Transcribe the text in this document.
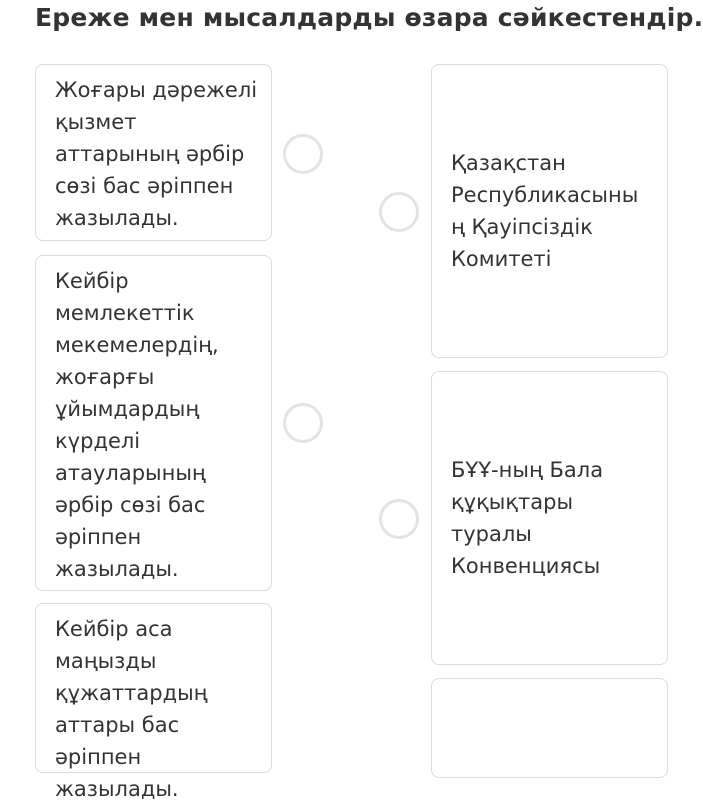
Ереже мен мысалдарды өзара сәйкестендір.
Жоғары дәрежелі қызмет аттарының әрбір сөзі бас әріппен жазылады.
Кейбір мемлекеттік мекемелердің, жоғарғы ұйымдардың күрделі атауларының әрбір сөзі бас әріппен жазылады.
Кейбір аса маңызды құжаттардың аттары бас әріппен жазылады.
Қазақстан Республикасыны ң Қауіпсіздік Комитеті
БҰҰ-ның Бала құқықтары туралы Конвенциясы
